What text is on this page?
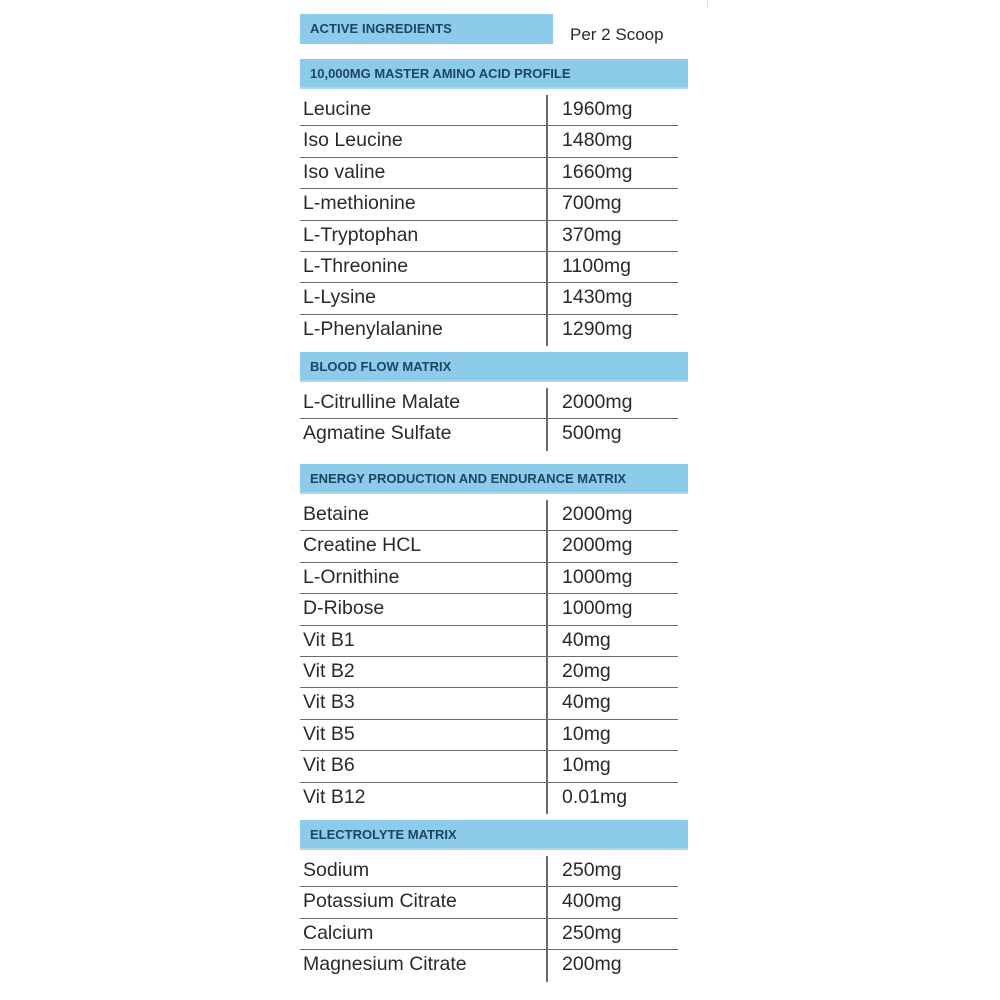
ACTIVE INGREDIENTS	Per 2 Scoop
10,000MG MASTER AMINO ACID PROFILE
Leucine	1960mg
Iso Leucine	1480mg
Iso valine	1660mg
L-methionine	700mg
L-Tryptophan	370mg
L-Threonine	1100mg
L-Lysine	1430mg
L-Phenylalanine	1290mg
BLOOD FLOW MATRIX
L-Citrulline Malate	2000mg
Agmatine Sulfate	500mg
ENERGY PRODUCTION AND ENDURANCE MATRIX
Betaine	2000mg
Creatine HCL	2000mg
L-Ornithine	1000mg
D-Ribose	1000mg
Vit B1	40mg
Vit B2	20mg
Vit B3	40mg
Vit B5	10mg
Vit B6	10mg
Vit B12	0.01mg
ELECTROLYTE MATRIX
Sodium	250mg
Potassium Citrate	400mg
Calcium	250mg
Magnesium Citrate	200mg
